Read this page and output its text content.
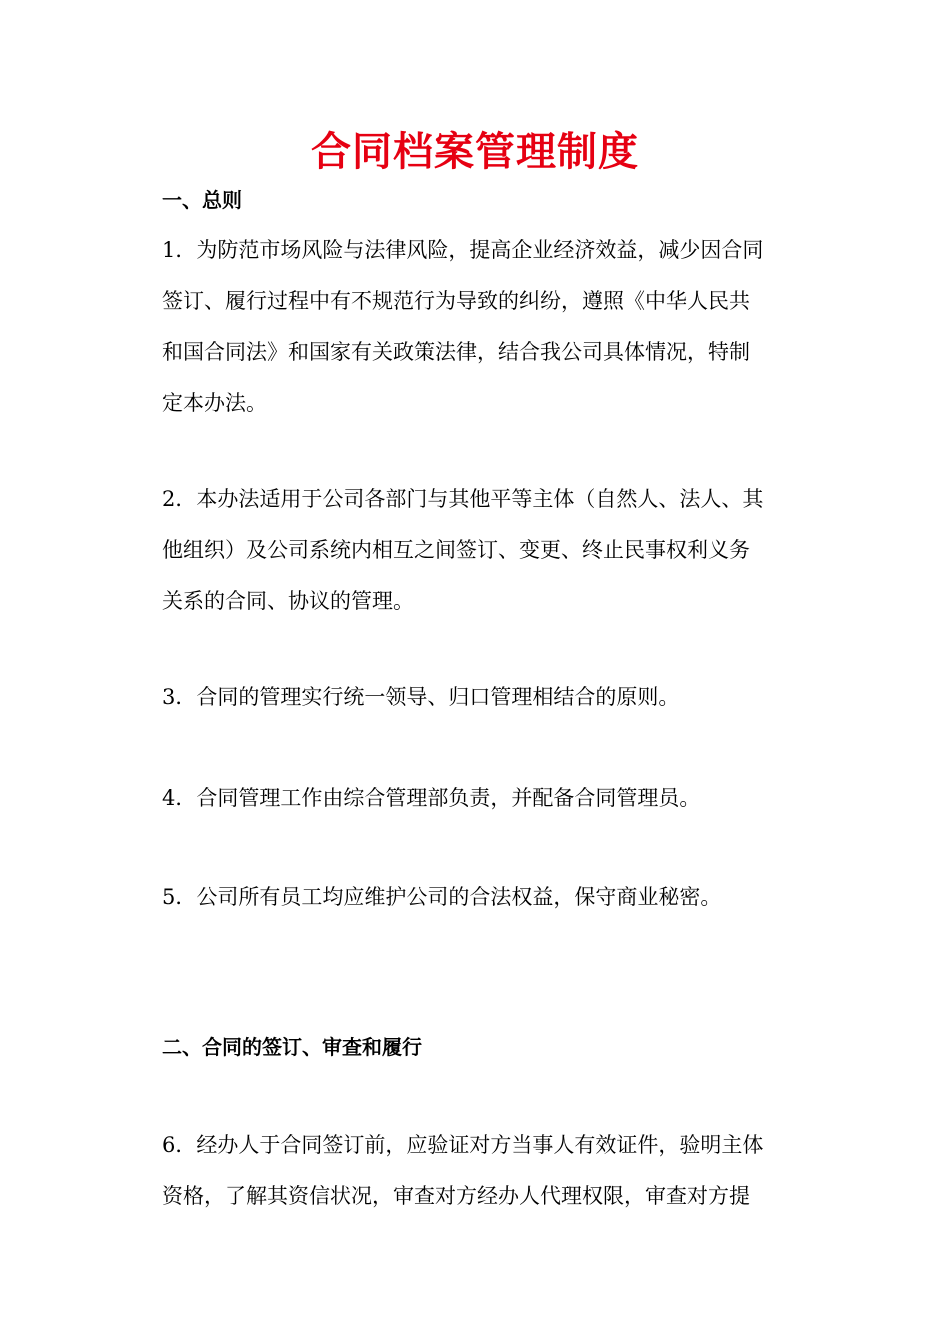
合同档案管理制度
一、总则
1．为防范市场风险与法律风险，提高企业经济效益，减少因合同
签订、履行过程中有不规范行为导致的纠纷，遵照《中华人民共
和国合同法》和国家有关政策法律，结合我公司具体情况，特制
定本办法。
2．本办法适用于公司各部门与其他平等主体（自然人、法人、其
他组织）及公司系统内相互之间签订、变更、终止民事权利义务
关系的合同、协议的管理。
3．合同的管理实行统一领导、归口管理相结合的原则。
4．合同管理工作由综合管理部负责，并配备合同管理员。
5．公司所有员工均应维护公司的合法权益，保守商业秘密。
二、合同的签订、审查和履行
6．经办人于合同签订前，应验证对方当事人有效证件，验明主体
资格，了解其资信状况，审查对方经办人代理权限，审查对方提
